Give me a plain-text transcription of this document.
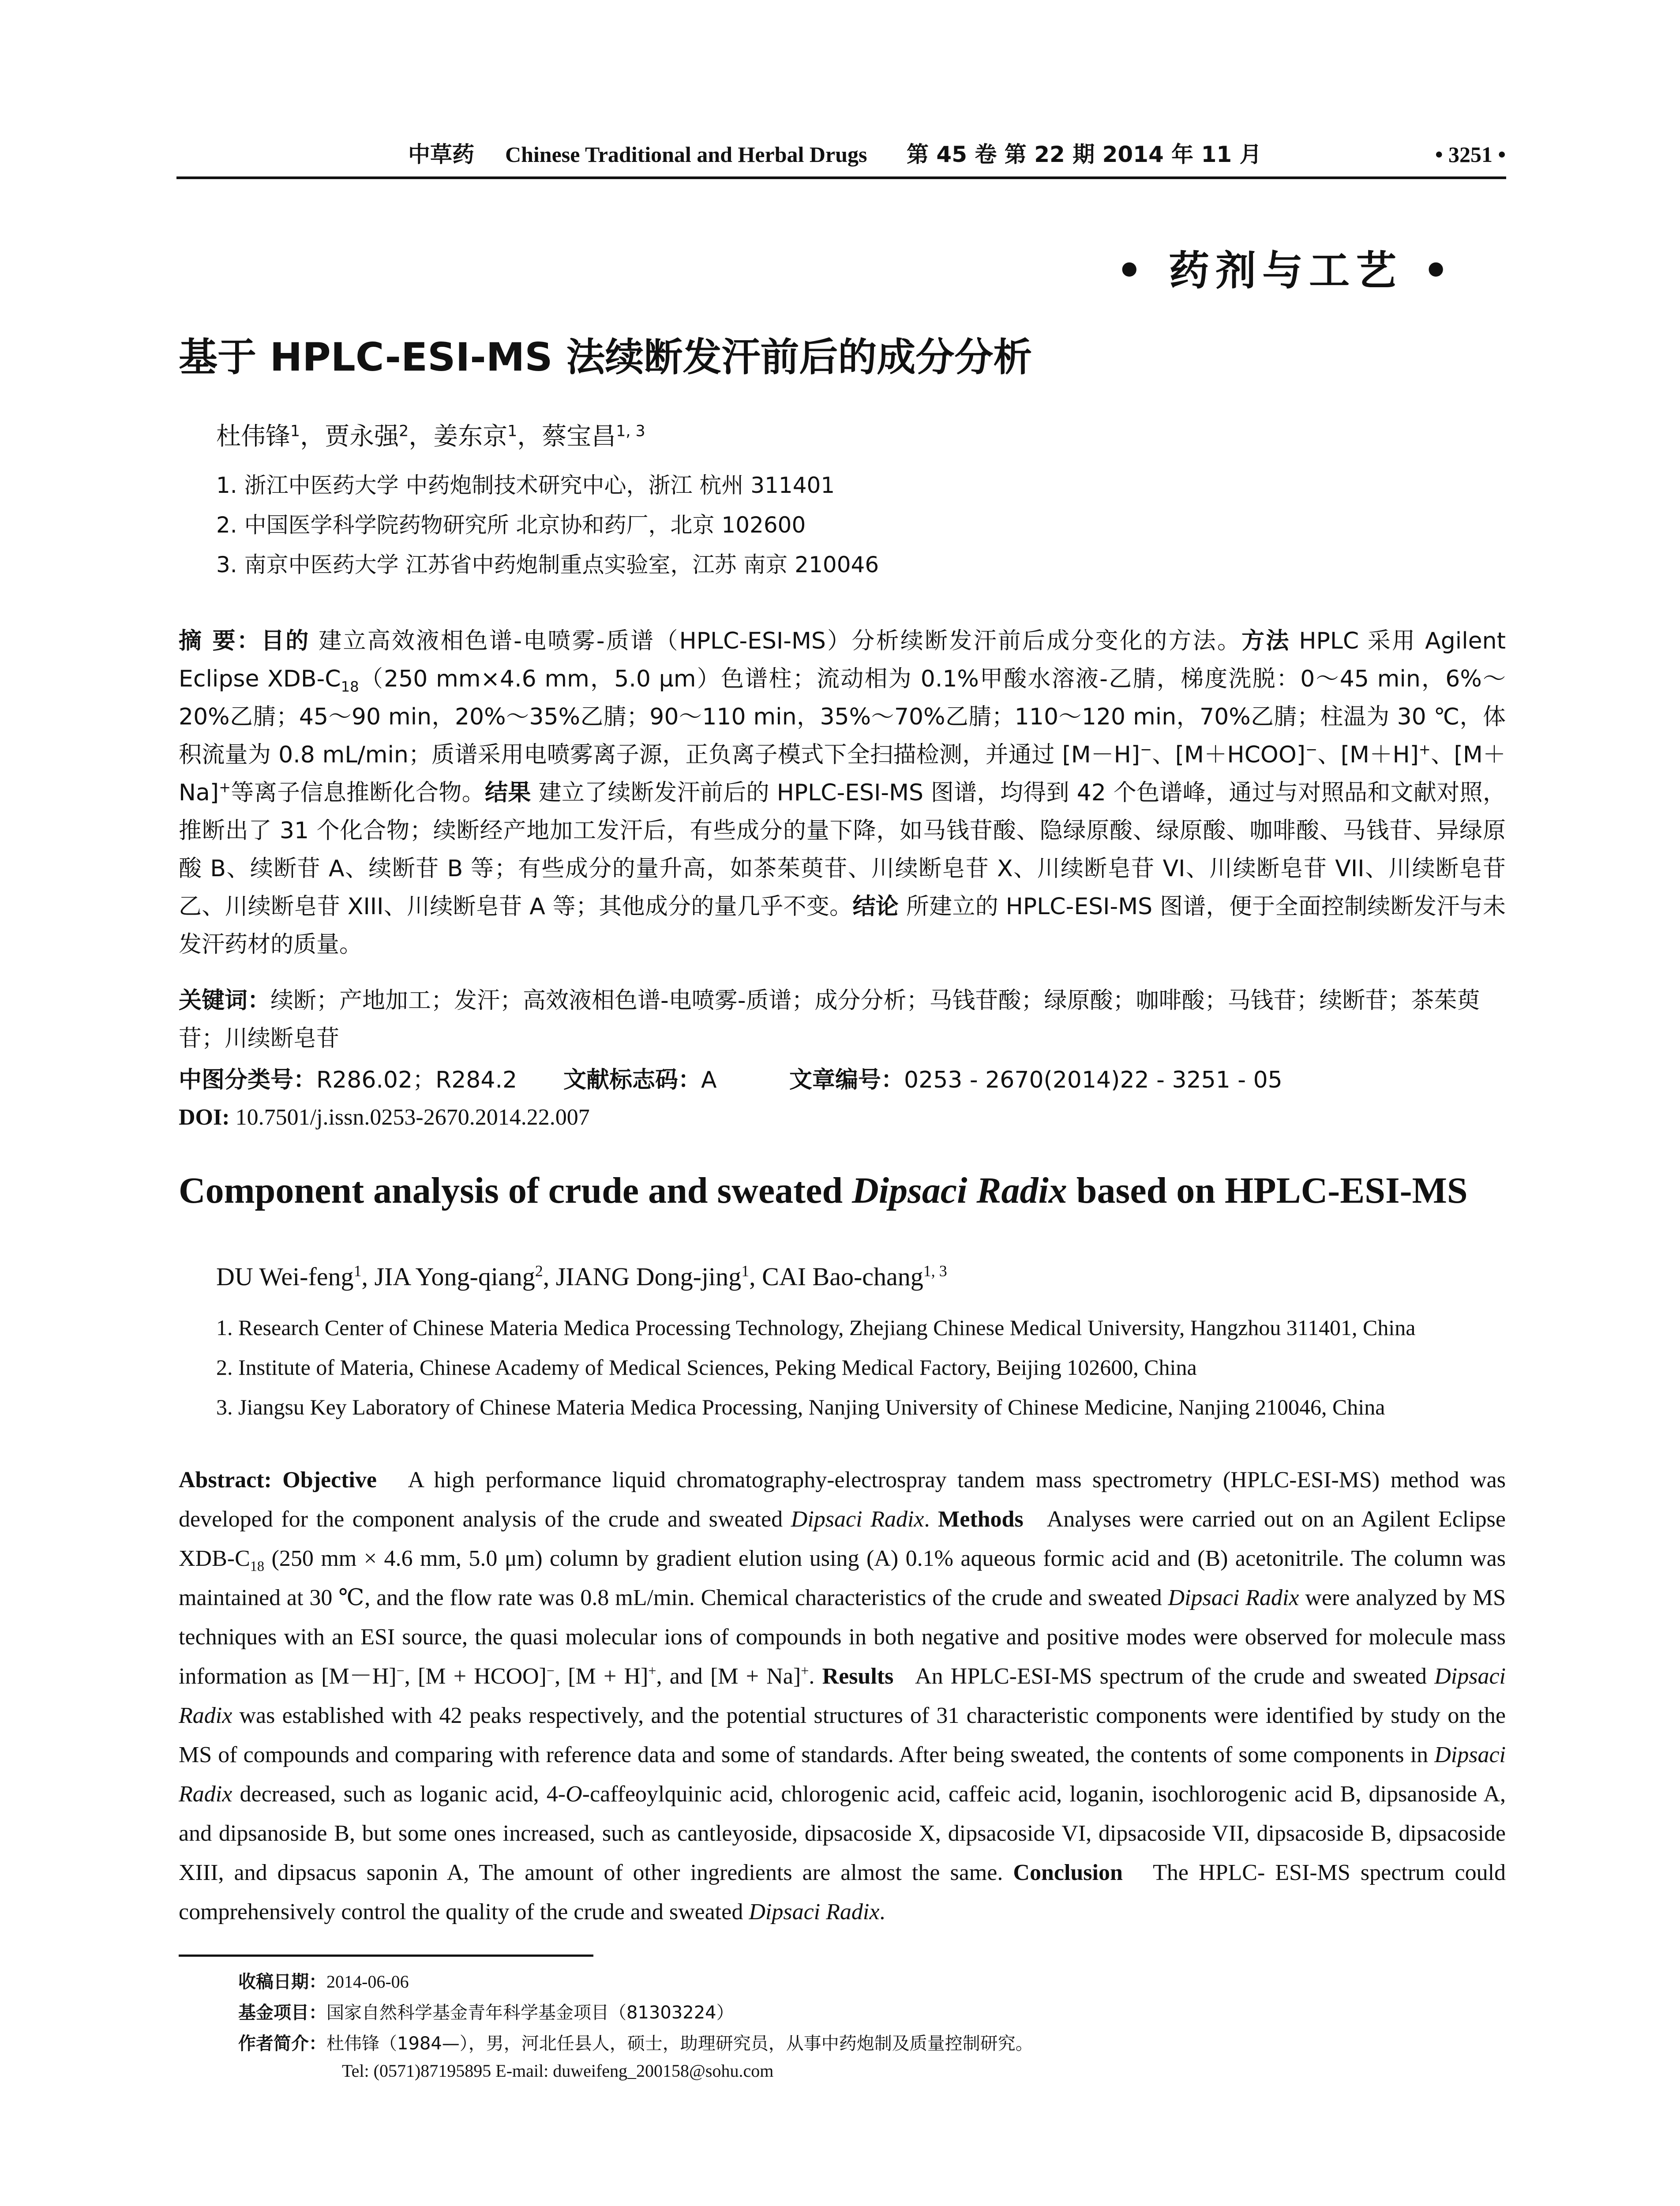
中草药 Chinese Traditional and Herbal Drugs 第 45 卷 第 22 期 2014 年 11 月	• 3251 •
• 药剂与工艺 •
基于 HPLC-ESI-MS 法续断发汗前后的成分分析
杜伟锋$^1$，贾永强$^2$，姜东京$^1$，蔡宝昌$^{1, 3}$
1. 浙江中医药大学 中药炮制技术研究中心，浙江 杭州 311401
2. 中国医学科学院药物研究所 北京协和药厂，北京 102600
3. 南京中医药大学 江苏省中药炮制重点实验室，江苏 南京 210046
摘 要：目的 建立高效液相色谱-电喷雾-质谱（HPLC-ESI-MS）分析续断发汗前后成分变化的方法。方法 HPLC 采用 Agilent Eclipse XDB-$C_{18}(250$ mm×4.6 mm，5.0 μm）色谱柱；流动相为 0.1%甲酸水溶液-乙腈，梯度洗脱：0～45 min，6%～20%乙腈；45～90 min，20%～35%乙腈；90～110 min，35%～70%乙腈；110～120 min，70%乙腈；柱温为 30 ℃，体积流量为 0.8 mL/min；质谱采用电喷雾离子源，正负离子模式下全扫描检测，并通过 [M－H]−、[M＋HCOO]−、[M＋H]+、[M＋Na]+等离子信息推断化合物。结果 建立了续断发汗前后的 HPLC-ESI-MS 图谱，均得到 42 个色谱峰，通过与对照品和文献对照，推断出了 31 个化合物；续断经产地加工发汗后，有些成分的量下降，如马钱苷酸、隐绿原酸、绿原酸、咖啡酸、马钱苷、异绿原酸 B、续断苷 A、续断苷 B 等；有些成分的量升高，如茶茱萸苷、川续断皂苷 X、川续断皂苷 VI、川续断皂苷 VII、川续断皂苷乙、川续断皂苷 XIII、川续断皂苷 A 等；其他成分的量几乎不变。结论 所建立的 HPLC-ESI-MS 图谱，便于全面控制续断发汗与未发汗药材的质量。
关键词：续断；产地加工；发汗；高效液相色谱-电喷雾-质谱；成分分析；马钱苷酸；绿原酸；咖啡酸；马钱苷；续断苷；茶茱萸苷；川续断皂苷
中图分类号：R286.02；R284.2 文献标志码：A	文章编号：0253 - 2670(2014)22 - 3251 - 05
DOI: 10.7501/j.issn.0253-2670.2014.22.007
Component analysis of crude and sweated Dipsaci Radix based on HPLC-ESI-MS
DU Wei-feng$^1$, JIA Yong-qiang$^2$, JIANG Dong-jing$^1$, CAI Bao-chang$^{1, 3}$
1. Research Center of Chinese Materia Medica Processing Technology, Zhejiang Chinese Medical University, Hangzhou 311401, China
2. Institute of Materia, Chinese Academy of Medical Sciences, Peking Medical Factory, Beijing 102600, China
3. Jiangsu Key Laboratory of Chinese Materia Medica Processing, Nanjing University of Chinese Medicine, Nanjing 210046, China
Abstract: Objective A high performance liquid chromatography-electrospray tandem mass spectrometry (HPLC-ESI-MS) method was developed for the component analysis of the crude and sweated Dipsaci Radix. Methods Analyses were carried out on an Agilent Eclipse XDB-$C_{18}$ (250 mm × 4.6 mm, 5.0 μm) column by gradient elution using (A) 0.1% aqueous formic acid and (B) acetonitrile. The column was maintained at 30 ℃, and the flow rate was 0.8 mL/min. Chemical characteristics of the crude and sweated Dipsaci Radix were analyzed by MS techniques with an ESI source, the quasi molecular ions of compounds in both negative and positive modes were observed for molecule mass information as [M－H]−, [M + HCOO]−, [M + H]+, and [M + Na]+. Results An HPLC-ESI-MS spectrum of the crude and sweated Dipsaci Radix was established with 42 peaks respectively, and the potential structures of 31 characteristic components were identified by study on the MS of compounds and comparing with reference data and some of standards. After being sweated, the contents of some components in Dipsaci Radix decreased, such as loganic acid, 4-O-caffeoylquinic acid, chlorogenic acid, caffeic acid, loganin, isochlorogenic acid B, dipsanoside A, and dipsanoside B, but some ones increased, such as cantleyoside, dipsacoside X, dipsacoside VI, dipsacoside VII, dipsacoside B, dipsacoside XIII, and dipsacus saponin A, The amount of other ingredients are almost the same. Conclusion The HPLC- ESI-MS spectrum could comprehensively control the quality of the crude and sweated Dipsaci Radix.
收稿日期：2014-06-06
基金项目：国家自然科学基金青年科学基金项目（81303224）
作者简介：杜伟锋（1984—），男，河北任县人，硕士，助理研究员，从事中药炮制及质量控制研究。
Tel: (0571)87195895 E-mail: duweifeng_200158@sohu.com
